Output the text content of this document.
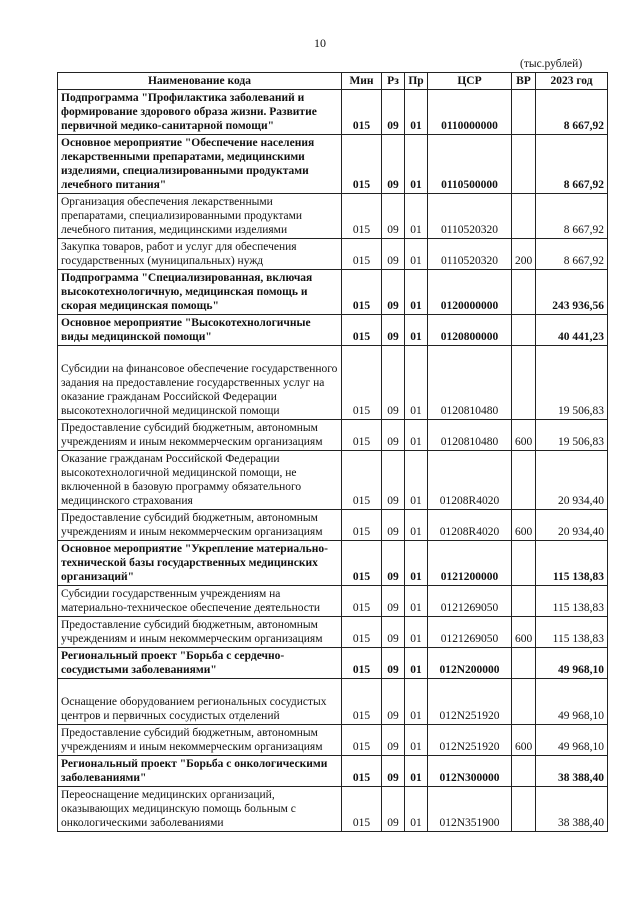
10
(тыс.рублей)
Наименование кода	Мин	Рз	Пр	ЦСР	ВР	2023 год
Подпрограмма "Профилактика заболеваний и формирование здорового образа жизни. Развитие первичной медико-санитарной помощи"	015	09	01	0110000000		8 667,92
Основное мероприятие "Обеспечение населения лекарственными препаратами, медицинскими изделиями, специализированными продуктами лечебного питания"	015	09	01	0110500000		8 667,92
Организация обеспечения лекарственными препаратами, специализированными продуктами лечебного питания, медицинскими изделиями	015	09	01	0110520320		8 667,92
Закупка товаров, работ и услуг для обеспечения государственных (муниципальных) нужд	015	09	01	0110520320	200	8 667,92
Подпрограмма "Специализированная, включая высокотехнологичную, медицинская помощь и скорая медицинская помощь"	015	09	01	0120000000		243 936,56
Основное мероприятие "Высокотехнологичные виды медицинской помощи"	015	09	01	0120800000		40 441,23
Субсидии на финансовое обеспечение государственного задания на предоставление государственных услуг на оказание гражданам Российской Федерации высокотехнологичной медицинской помощи	015	09	01	0120810480		19 506,83
Предоставление субсидий бюджетным, автономным учреждениям и иным некоммерческим организациям	015	09	01	0120810480	600	19 506,83
Оказание гражданам Российской Федерации высокотехнологичной медицинской помощи, не включенной в базовую программу обязательного медицинского страхования	015	09	01	01208R4020		20 934,40
Предоставление субсидий бюджетным, автономным учреждениям и иным некоммерческим организациям	015	09	01	01208R4020	600	20 934,40
Основное мероприятие "Укрепление материально-технической базы государственных медицинских организаций"	015	09	01	0121200000		115 138,83
Субсидии государственным учреждениям на материально-техническое обеспечение деятельности	015	09	01	0121269050		115 138,83
Предоставление субсидий бюджетным, автономным учреждениям и иным некоммерческим организациям	015	09	01	0121269050	600	115 138,83
Региональный проект "Борьба с сердечно-сосудистыми заболеваниями"	015	09	01	012N200000		49 968,10
Оснащение оборудованием региональных сосудистых центров и первичных сосудистых отделений	015	09	01	012N251920		49 968,10
Предоставление субсидий бюджетным, автономным учреждениям и иным некоммерческим организациям	015	09	01	012N251920	600	49 968,10
Региональный проект "Борьба с онкологическими заболеваниями"	015	09	01	012N300000		38 388,40
Переоснащение медицинских организаций, оказывающих медицинскую помощь больным с онкологическими заболеваниями	015	09	01	012N351900		38 388,40
